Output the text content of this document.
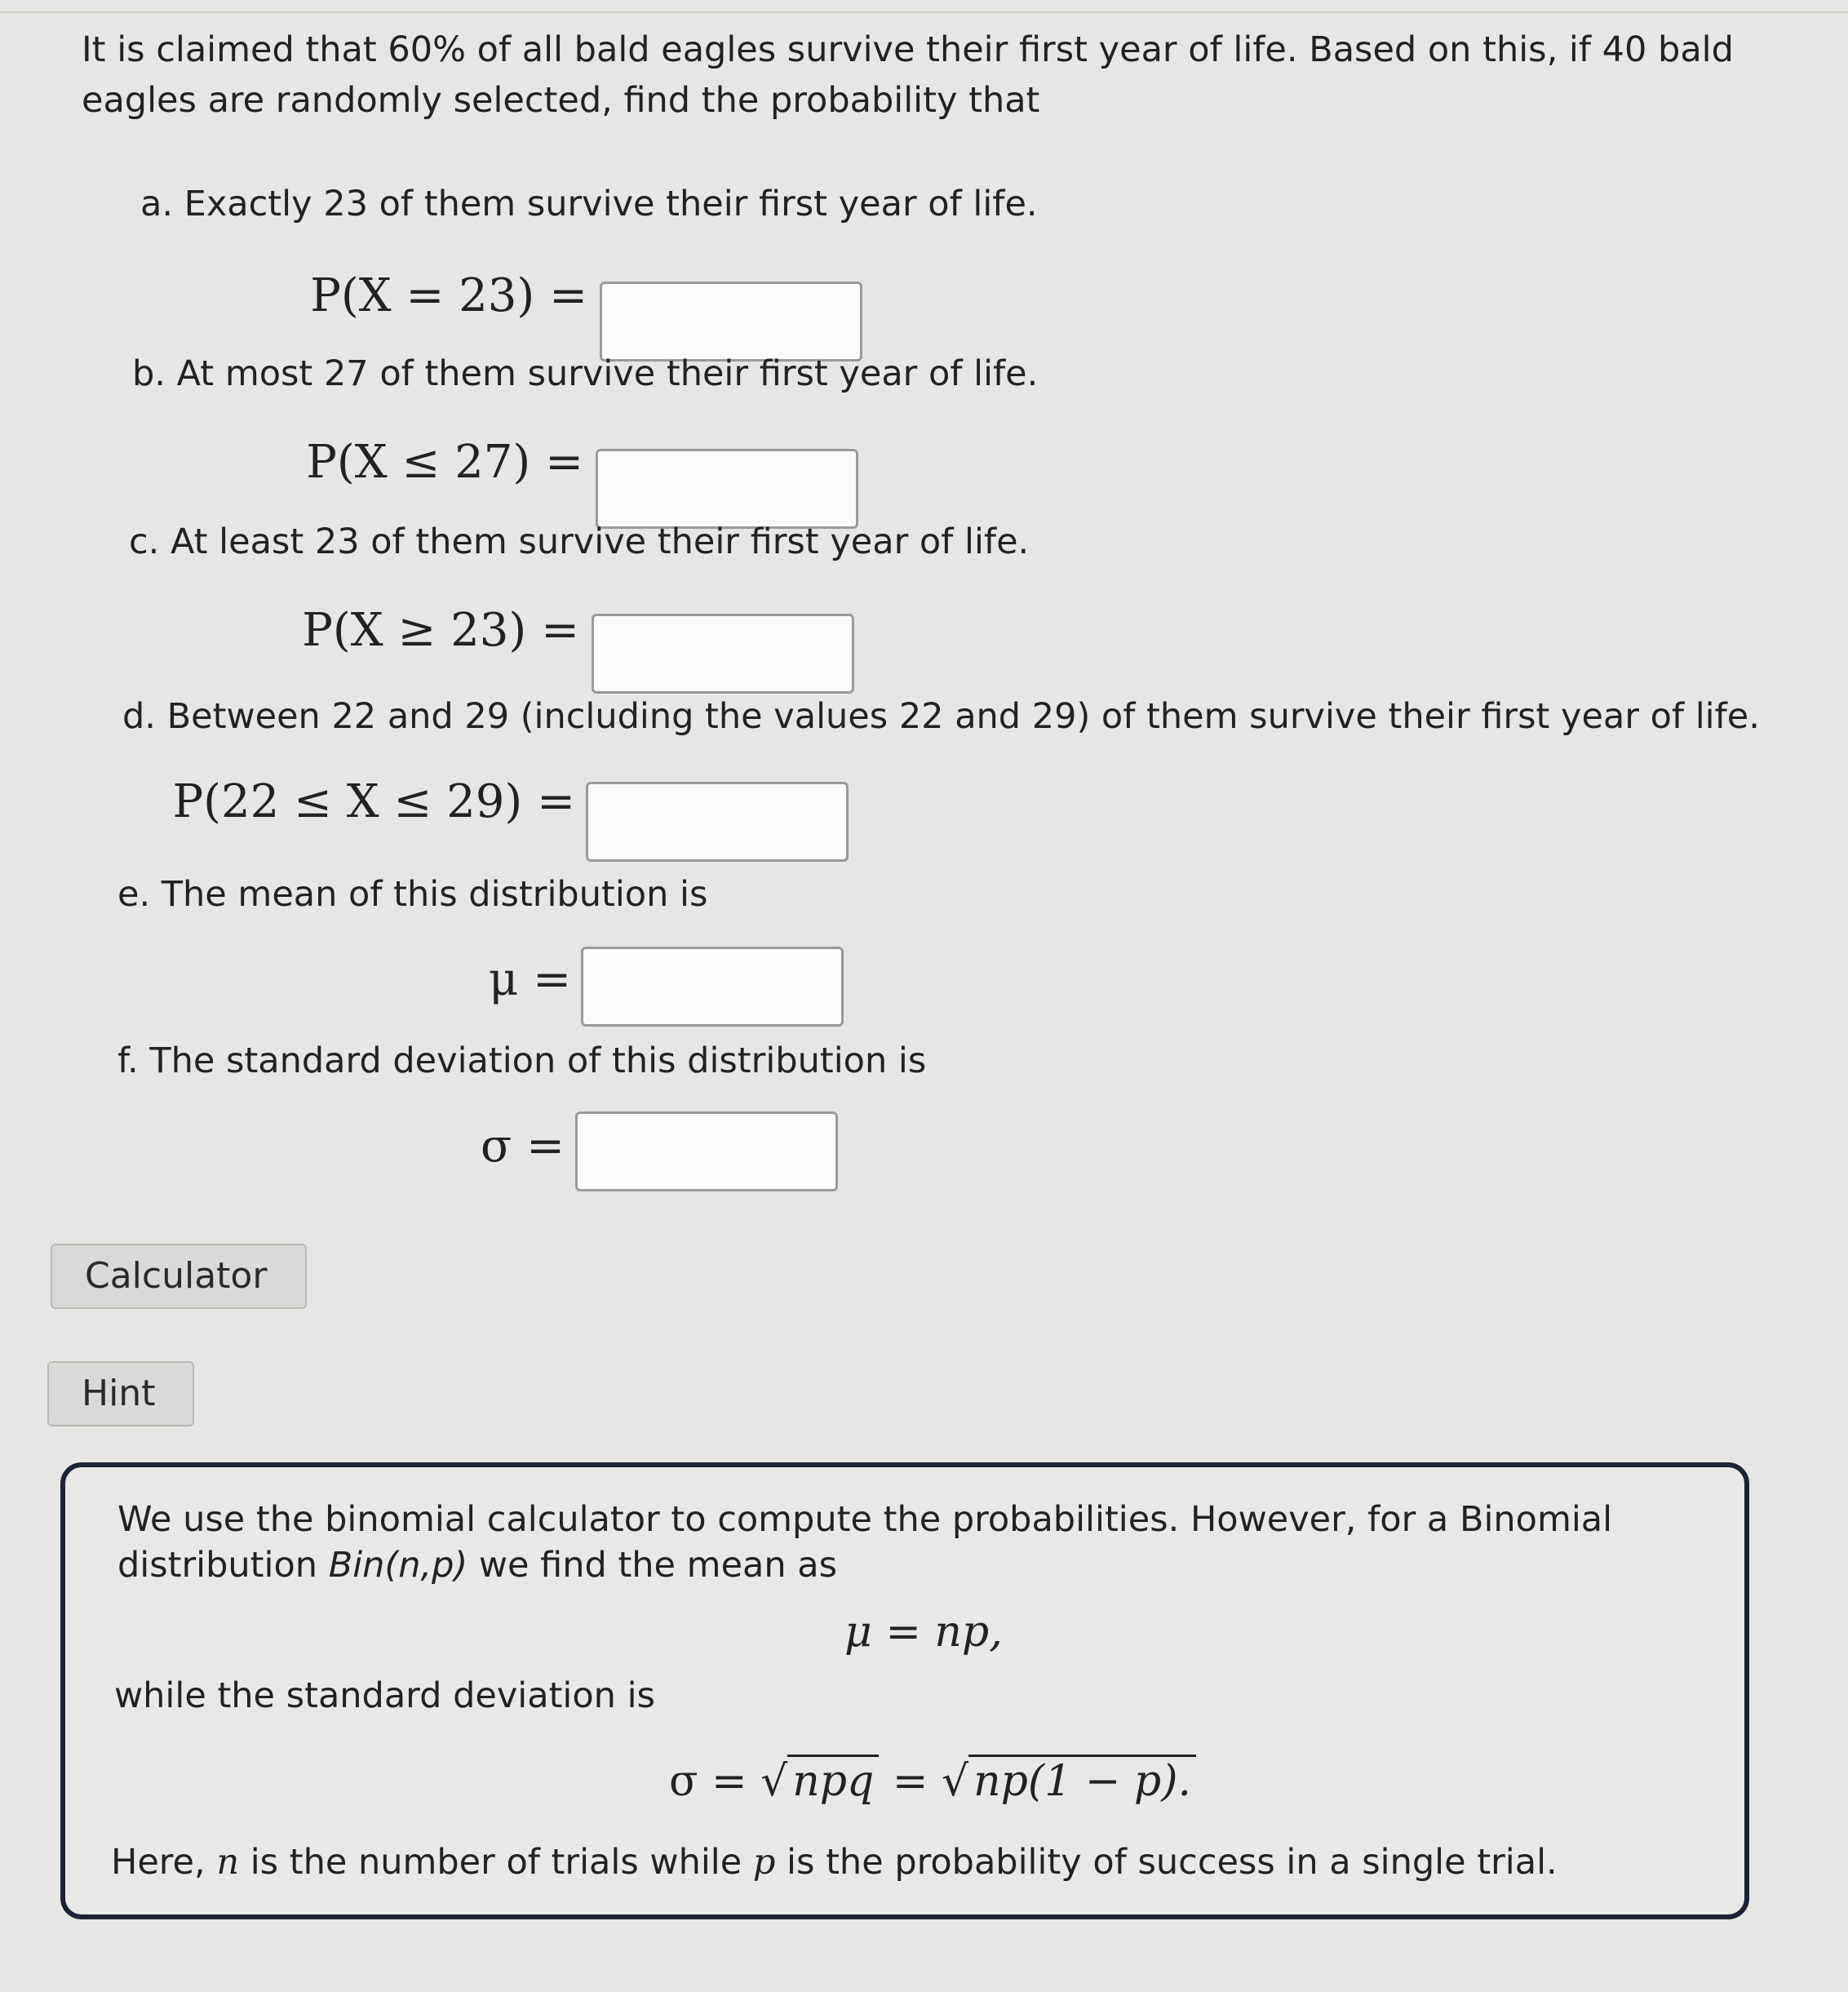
It is claimed that 60% of all bald eagles survive their first year of life. Based on this, if 40 bald eagles are randomly selected, find the probability that
a. Exactly 23 of them survive their first year of life.
P(X = 23) =
b. At most 27 of them survive their first year of life.
P(X ≤ 27) =
c. At least 23 of them survive their first year of life.
P(X ≥ 23) =
d. Between 22 and 29 (including the values 22 and 29) of them survive their first year of life.
P(22 ≤ X ≤ 29) =
e. The mean of this distribution is
μ =
f. The standard deviation of this distribution is
σ =
Calculator
Hint
We use the binomial calculator to compute the probabilities. However, for a Binomial
distribution Bin(n,p) we find the mean as
μ = np,
while the standard deviation is
σ = √ npq = √ np(1 − p).
Here, n is the number of trials while p is the probability of success in a single trial.
